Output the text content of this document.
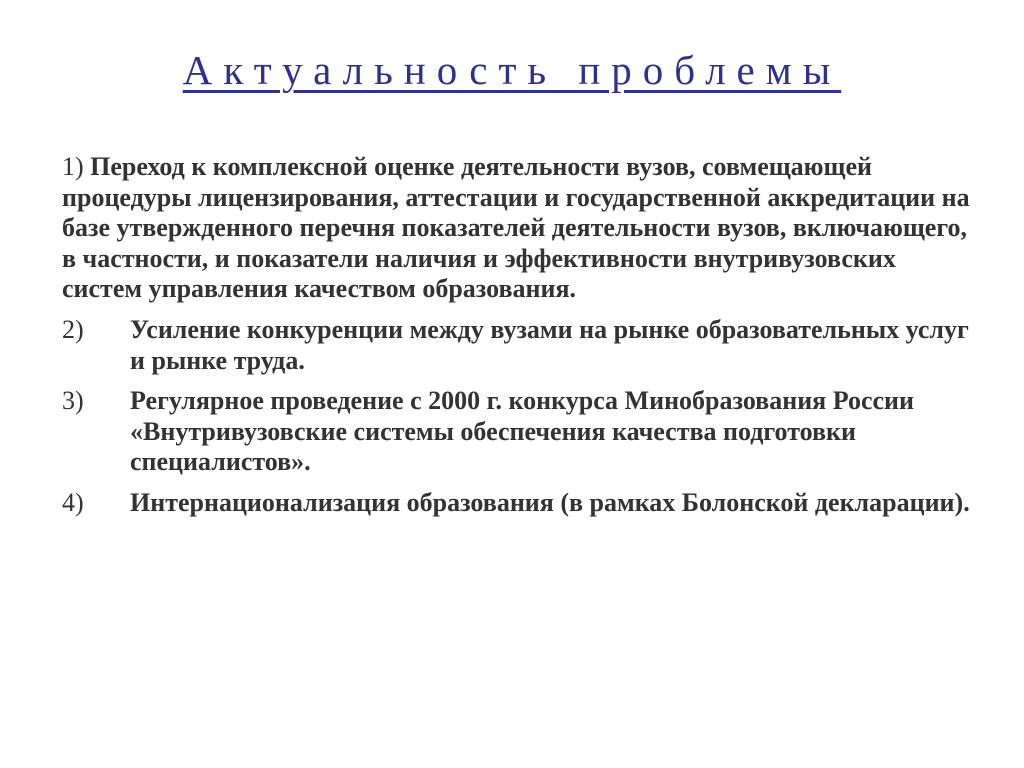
Актуальность проблемы
1) Переход к комплексной оценке деятельности вузов, совмещающей процедуры лицензирования, аттестации и государственной аккредитации на базе утвержденного перечня показателей деятельности вузов, включающего, в частности, и показатели наличия и эффективности внутривузовских систем управления качеством образования.
2)	Усиление конкуренции между вузами на рынке образовательных услуг и рынке труда.
3)	Регулярное проведение с 2000 г. конкурса Минобразования России «Внутривузовские системы обеспечения качества подготовки специалистов».
4)	Интернационализация образования (в рамках Болонской декларации).
